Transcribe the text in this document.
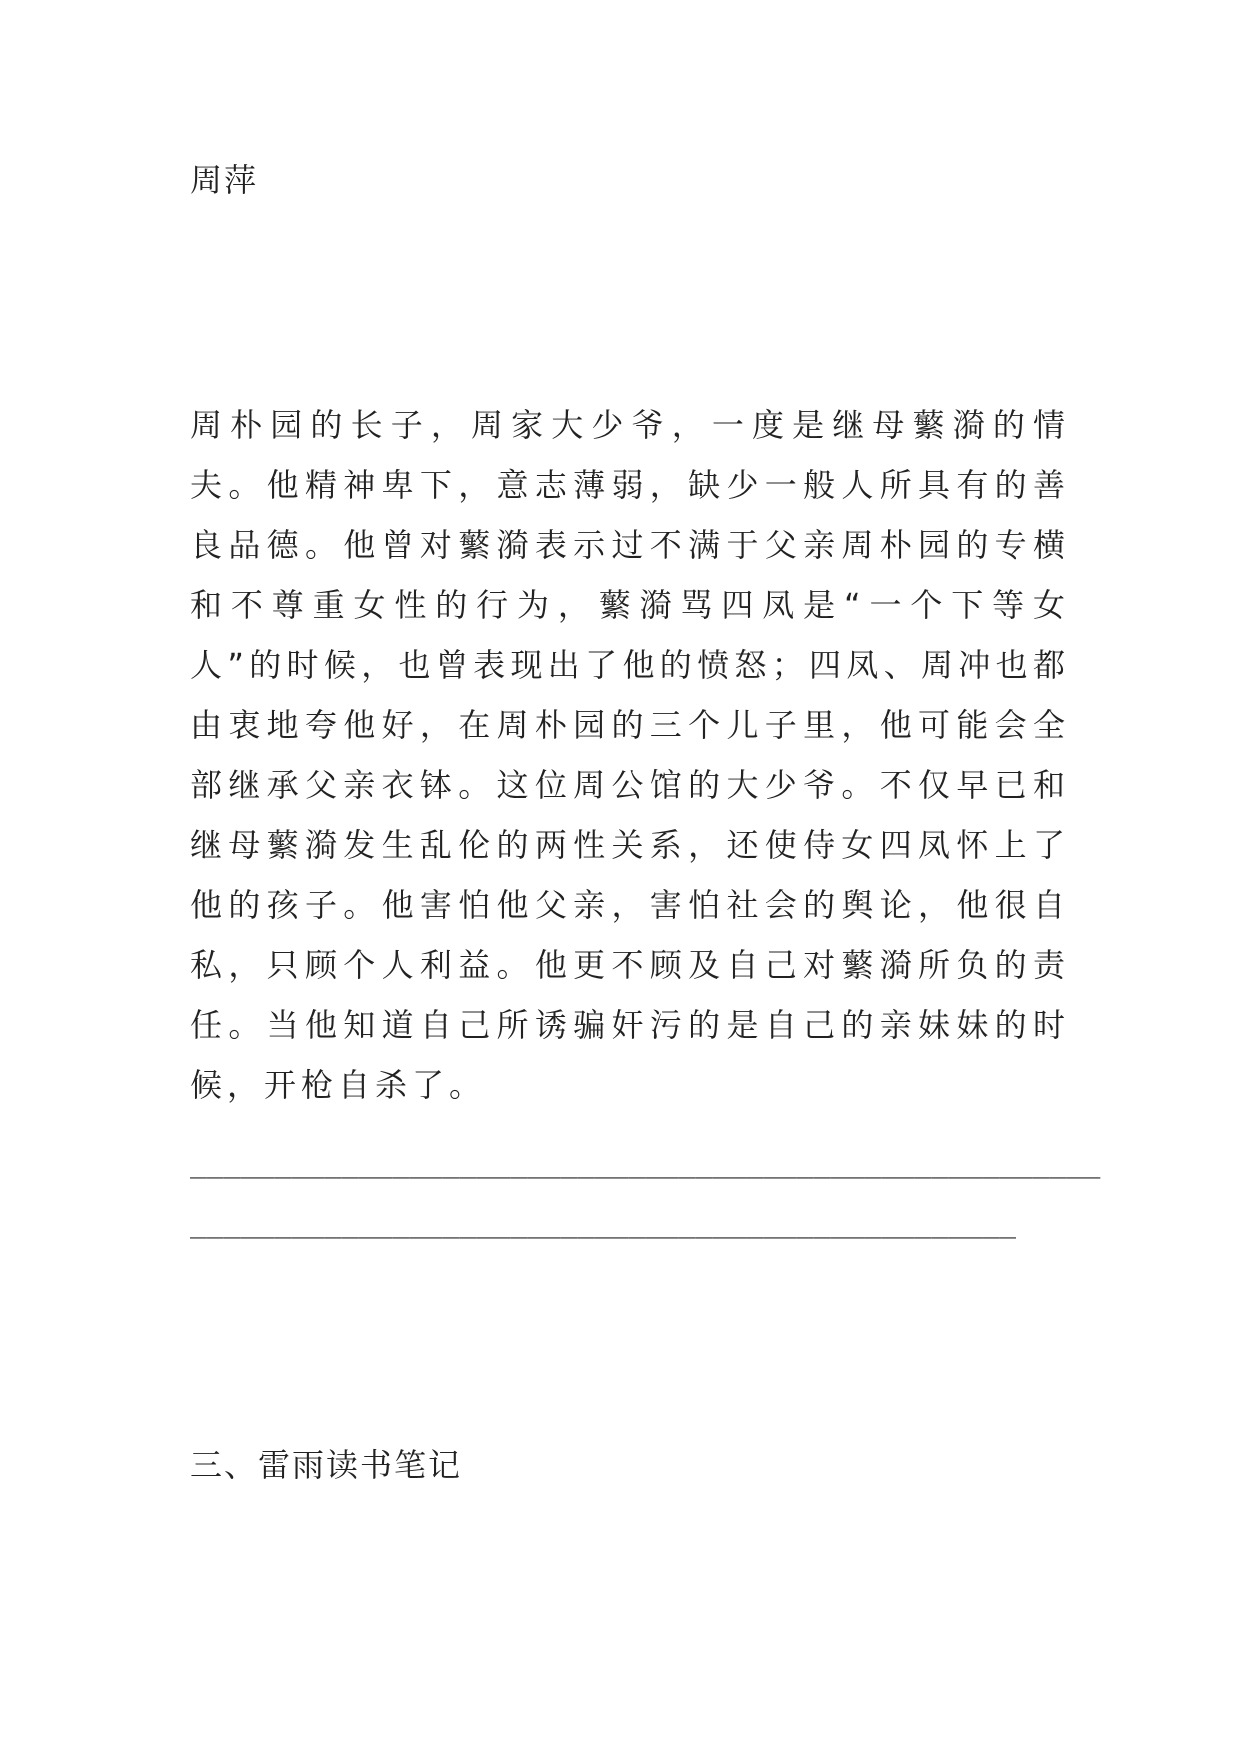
周萍

周朴园的长子，周家大少爷，一度是继母蘩漪的情夫。他精神卑下，意志薄弱，缺少一般人所具有的善良品德。他曾对蘩漪表示过不满于父亲周朴园的专横和不尊重女性的行为，蘩漪骂四凤是“一个下等女人”的时候，也曾表现出了他的愤怒；四凤、周冲也都由衷地夸他好，在周朴园的三个儿子里，他可能会全部继承父亲衣钵。这位周公馆的大少爷。不仅早已和继母蘩漪发生乱伦的两性关系，还使侍女四凤怀上了他的孩子。他害怕他父亲，害怕社会的舆论，他很自私，只顾个人利益。他更不顾及自己对蘩漪所负的责任。当他知道自己所诱骗奸污的是自己的亲妹妹的时候，开枪自杀了。

______________________________________________________
_________________________________________________
三、雷雨读书笔记
